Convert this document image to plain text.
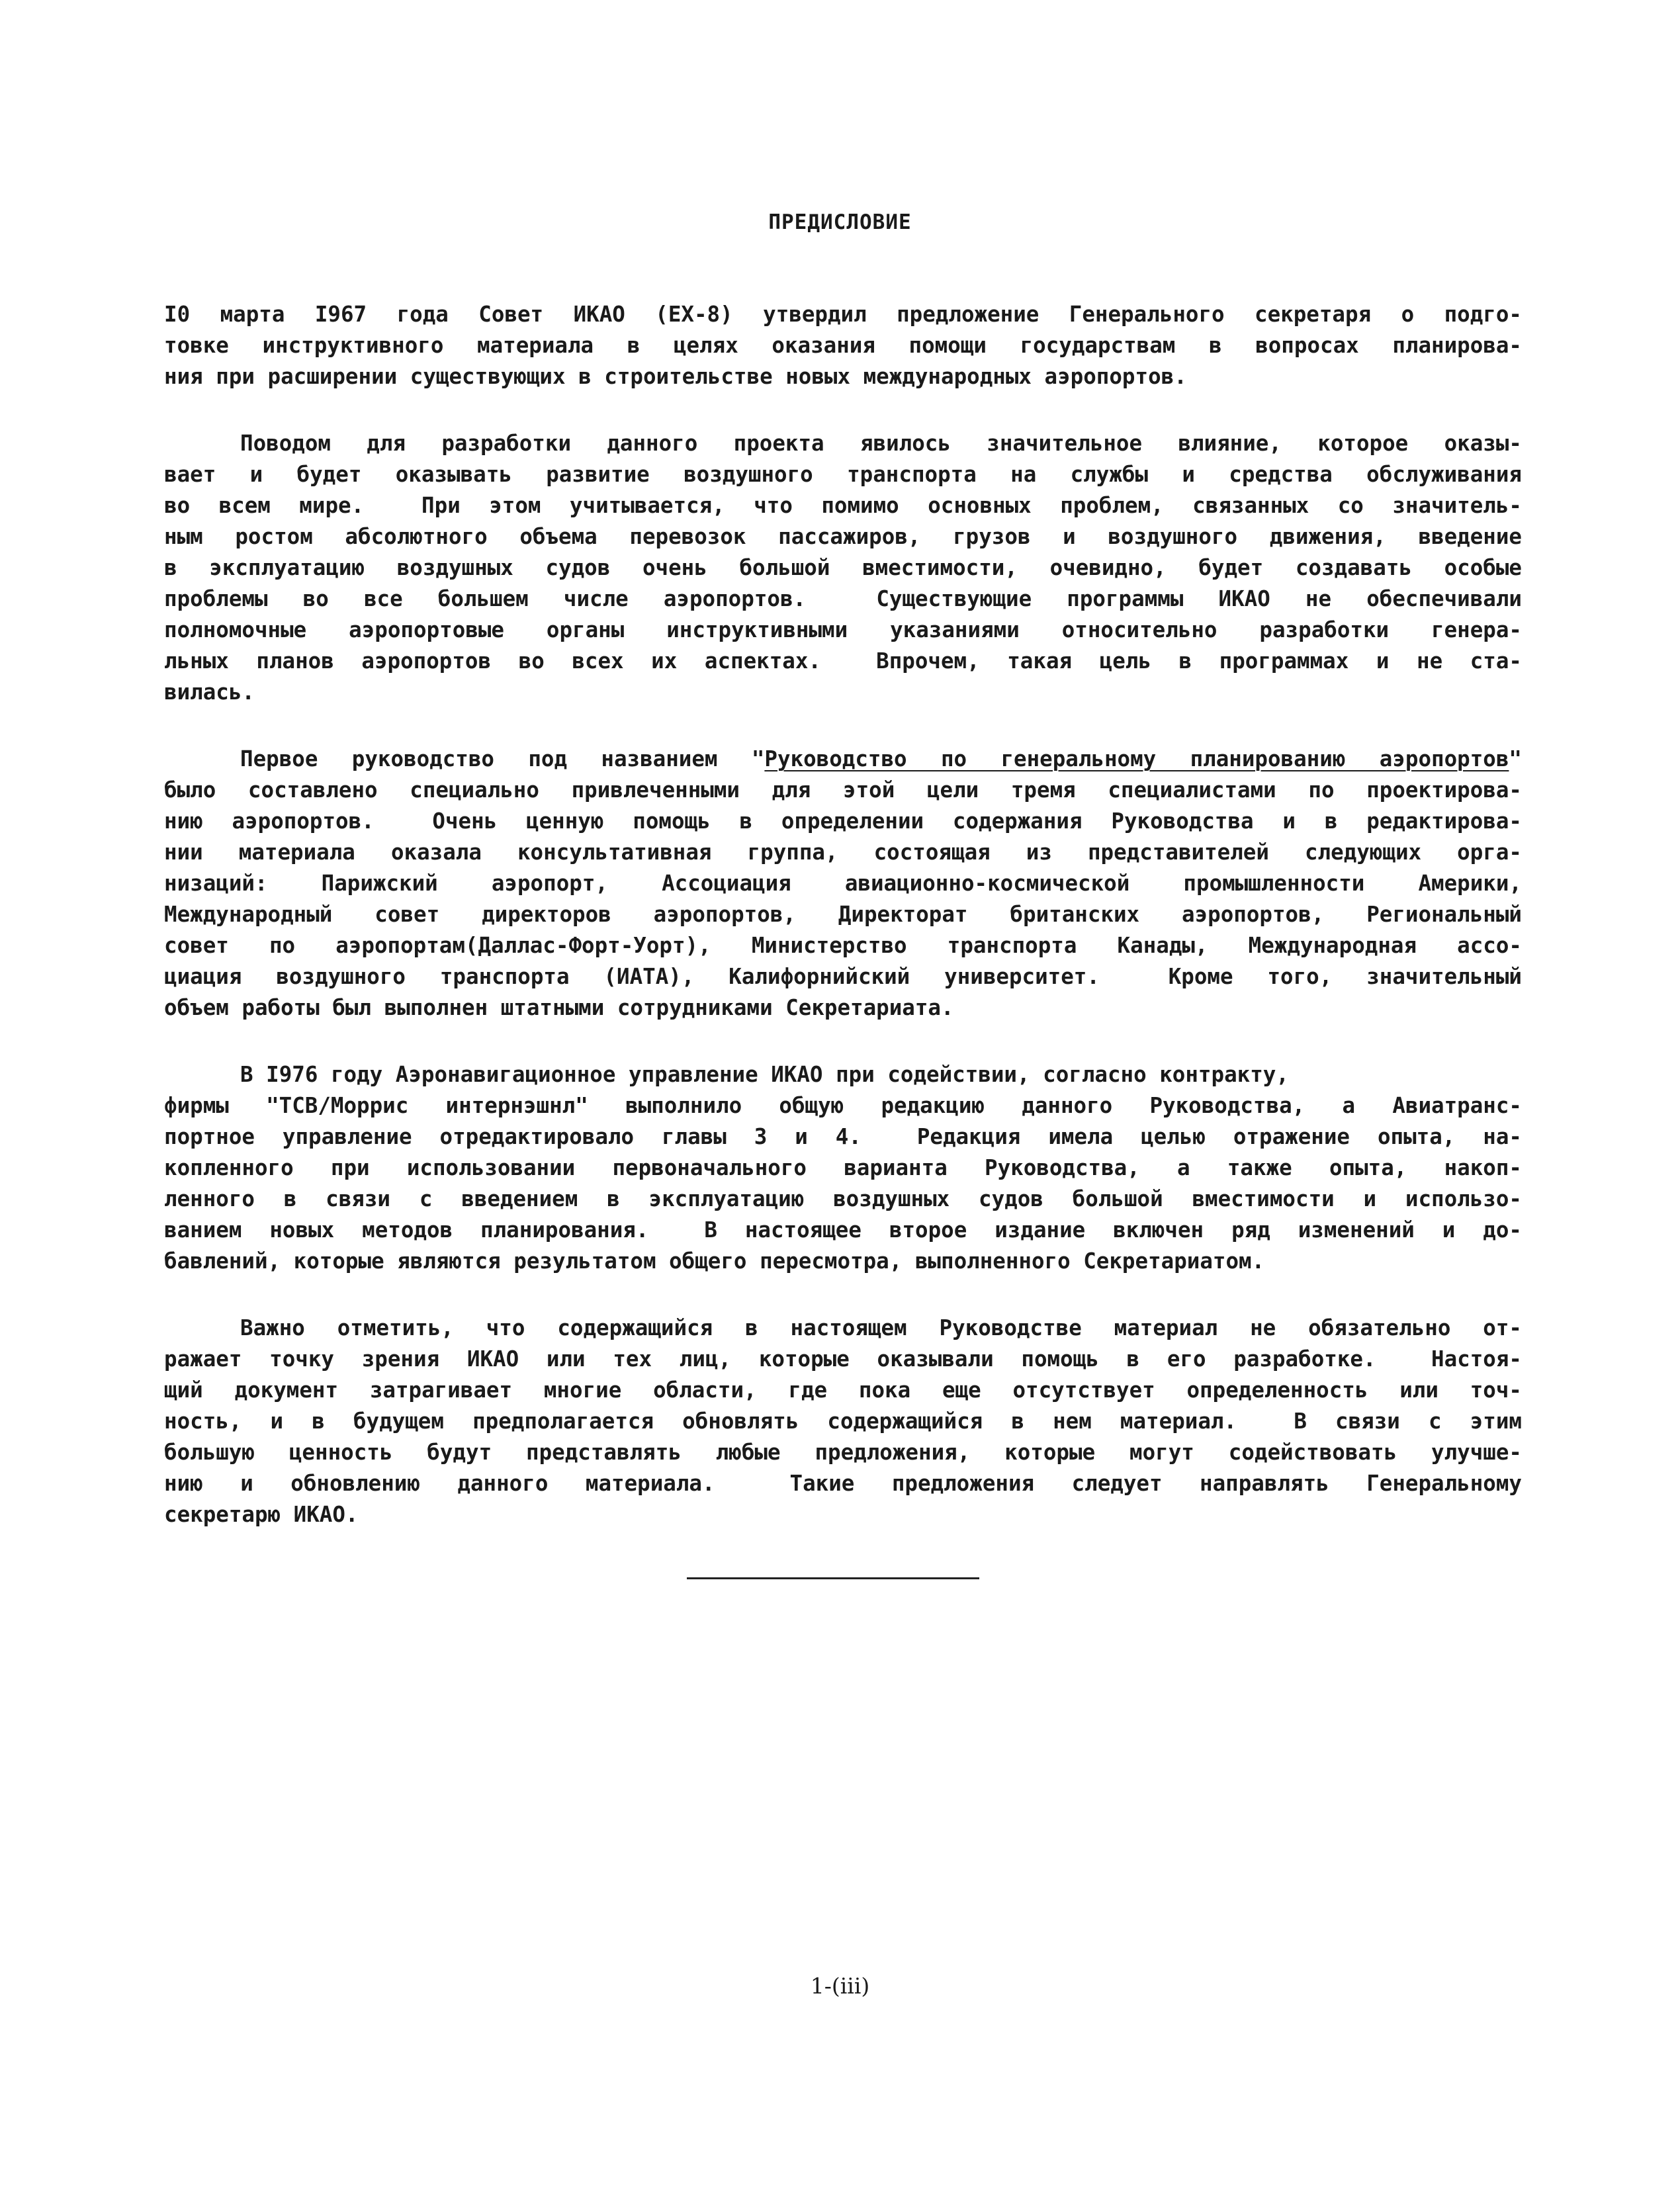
ПРЕДИСЛОВИЕ
I0 марта I967 года Совет ИКАО (ЕХ-8) утвердил предложение Генерального секретаря о подго-
товке инструктивного материала в целях оказания помощи государствам в вопросах планирова-
ния при расширении существующих в строительстве новых международных аэропортов.
Поводом для разработки данного проекта явилось значительное влияние, которое оказы-
вает и будет оказывать развитие воздушного транспорта на службы и средства обслуживания
во всем мире.  При этом учитывается, что помимо основных проблем, связанных со значитель-
ным ростом абсолютного объема перевозок пассажиров, грузов и воздушного движения, введение
в эксплуатацию воздушных судов очень большой вместимости, очевидно, будет создавать особые
проблемы во все большем числе аэропортов.  Существующие программы ИКАО не обеспечивали
полномочные аэропортовые органы инструктивными указаниями относительно разработки генера-
льных планов аэропортов во всех их аспектах.  Впрочем, такая цель в программах и не ста-
вилась.
Первое руководство под названием "Руководство по генеральному планированию аэропортов"
было составлено специально привлеченными для этой цели тремя специалистами по проектирова-
нию аэропортов.  Очень ценную помощь в определении содержания Руководства и в редактирова-
нии материала оказала консультативная группа, состоящая из представителей следующих орга-
низаций: Парижский аэропорт, Ассоциация авиационно-космической промышленности Америки,
Международный совет директоров аэропортов, Директорат британских аэропортов, Региональный
совет по аэропортам(Даллас-Форт-Уорт), Министерство транспорта Канады, Международная ассо-
циация воздушного транспорта (ИАТА), Калифорнийский университет.  Кроме того, значительный
объем работы был выполнен штатными сотрудниками Секретариата.
В I976 году Аэронавигационное управление ИКАО при содействии, согласно контракту,
фирмы "ТСВ/Моррис интернэшнл" выполнило общую редакцию данного Руководства, а Авиатранс-
портное управление отредактировало главы 3 и 4.  Редакция имела целью отражение опыта, на-
копленного при использовании первоначального варианта Руководства, а также опыта, накоп-
ленного в связи с введением в эксплуатацию воздушных судов большой вместимости и использо-
ванием новых методов планирования.  В настоящее второе издание включен ряд изменений и до-
бавлений, которые являются результатом общего пересмотра, выполненного Секретариатом.
Важно отметить, что содержащийся в настоящем Руководстве материал не обязательно от-
ражает точку зрения ИКАО или тех лиц, которые оказывали помощь в его разработке.  Настоя-
щий документ затрагивает многие области, где пока еще отсутствует определенность или точ-
ность, и в будущем предполагается обновлять содержащийся в нем материал.  В связи с этим
большую ценность будут представлять любые предложения, которые могут содействовать улучше-
нию и обновлению данного материала.  Такие предложения следует направлять Генеральному
секретарю ИКАО.
1-(iii)
